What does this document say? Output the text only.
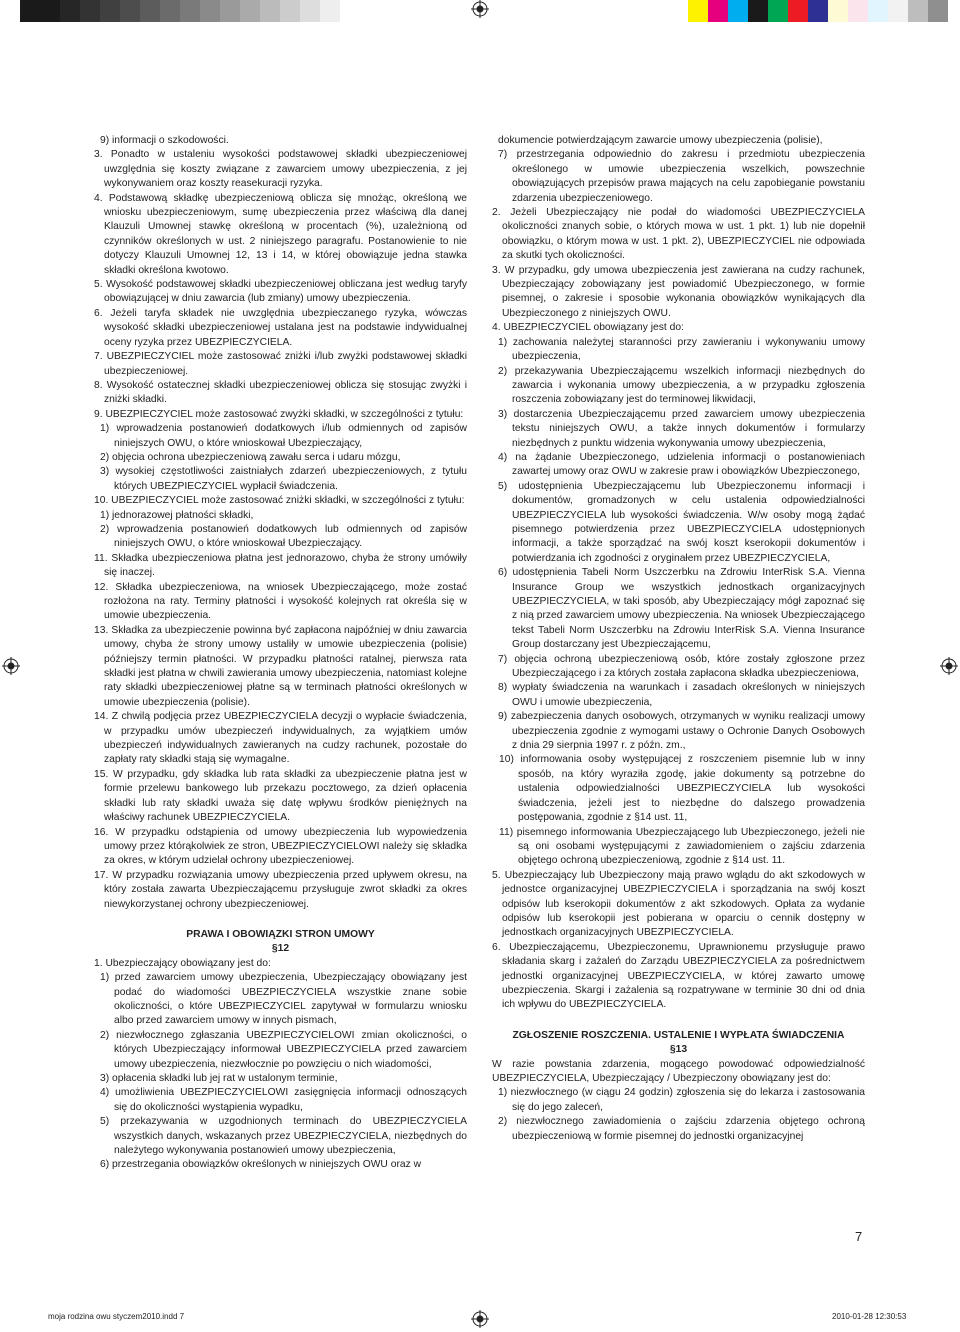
9) informacji o szkodowości.

3. Ponadto w ustaleniu wysokości podstawowej składki ubezpieczeniowej uwzględnia się koszty związane z zawarciem umowy ubezpieczenia, z jej wykonywaniem oraz koszty reasekuracji ryzyka.

4. Podstawową składkę ubezpieczeniową oblicza się mnożąc, określoną we wniosku ubezpieczeniowym, sumę ubezpieczenia przez właściwą dla danej Klauzuli Umownej stawkę określoną w procentach (%), uzależnioną od czynników określonych w ust. 2 niniejszego paragrafu. Postanowienie to nie dotyczy Klauzuli Umownej 12, 13 i 14, w której obowiązuje jedna stawka składki określona kwotowo.

5. Wysokość podstawowej składki ubezpieczeniowej obliczana jest według taryfy obowiązującej w dniu zawarcia (lub zmiany) umowy ubezpieczenia.

6. Jeżeli taryfa składek nie uwzględnia ubezpieczanego ryzyka, wówczas wysokość składki ubezpieczeniowej ustalana jest na podstawie indywidualnej oceny ryzyka przez UBEZPIECZYCIELA.

7. UBEZPIECZYCIEL może zastosować zniżki i/lub zwyżki podstawowej składki ubezpieczeniowej.

8. Wysokość ostatecznej składki ubezpieczeniowej oblicza się stosując zwyżki i zniżki składki.

9. UBEZPIECZYCIEL może zastosować zwyżki składki, w szczególności z tytułu:

1) wprowadzenia postanowień dodatkowych i/lub odmiennych od zapisów niniejszych OWU, o które wnioskował Ubezpieczający,

2) objęcia ochrona ubezpieczeniową zawału serca i udaru mózgu,

3) wysokiej częstotliwości zaistniałych zdarzeń ubezpieczeniowych, z tytułu których UBEZPIECZYCIEL wypłacił świadczenia.

10. UBEZPIECZYCIEL może zastosować zniżki składki, w szczególności z tytułu:

1) jednorazowej płatności składki,

2) wprowadzenia postanowień dodatkowych lub odmiennych od zapisów niniejszych OWU, o które wnioskował Ubezpieczający.

11. Składka ubezpieczeniowa płatna jest jednorazowo, chyba że strony umówiły się inaczej.

12. Składka ubezpieczeniowa, na wniosek Ubezpieczającego, może zostać rozłożona na raty. Terminy płatności i wysokość kolejnych rat określa się w umowie ubezpieczenia.

13. Składka za ubezpieczenie powinna być zapłacona najpóźniej w dniu zawarcia umowy, chyba że strony umowy ustaliły w umowie ubezpieczenia (polisie) późniejszy termin płatności. W przypadku płatności ratalnej, pierwsza rata składki jest płatna w chwili zawierania umowy ubezpieczenia, natomiast kolejne raty składki ubezpieczeniowej płatne są w terminach płatności określonych w umowie ubezpieczenia (polisie).

14. Z chwilą podjęcia przez UBEZPIECZYCIELA decyzji o wypłacie świadczenia, w przypadku umów ubezpieczeń indywidualnych, za wyjątkiem umów ubezpieczeń indywidualnych zawieranych na cudzy rachunek, pozostałe do zapłaty raty składki stają się wymagalne.

15. W przypadku, gdy składka lub rata składki za ubezpieczenie płatna jest w formie przelewu bankowego lub przekazu pocztowego, za dzień opłacenia składki lub raty składki uważa się datę wpływu środków pieniężnych na właściwy rachunek UBEZPIECZYCIELA.

16. W przypadku odstąpienia od umowy ubezpieczenia lub wypowiedzenia umowy przez którąkolwiek ze stron, UBEZPIECZYCIELOWI należy się składka za okres, w którym udzielał ochrony ubezpieczeniowej.

17. W przypadku rozwiązania umowy ubezpieczenia przed upływem okresu, na który została zawarta Ubezpieczającemu przysługuje zwrot składki za okres niewykorzystanej ochrony ubezpieczeniowej.

PRAWA I OBOWIĄZKI STRON UMOWY

§12

1. Ubezpieczający obowiązany jest do:

1) przed zawarciem umowy ubezpieczenia, Ubezpieczający obowiązany jest podać do wiadomości UBEZPIECZYCIELA wszystkie znane sobie okoliczności, o które UBEZPIECZYCIEL zapytywał w formularzu wniosku albo przed zawarciem umowy w innych pismach,

2) niezwłocznego zgłaszania UBEZPIECZYCIELOWI zmian okoliczności, o których Ubezpieczający informował UBEZPIECZYCIELA przed zawarciem umowy ubezpieczenia, niezwłocznie po powzięciu o nich wiadomości,

3) opłacenia składki lub jej rat w ustalonym terminie,

4) umożliwienia UBEZPIECZYCIELOWI zasięgnięcia informacji odnoszących się do okoliczności wystąpienia wypadku,

5) przekazywania w uzgodnionych terminach do UBEZPIECZYCIELA wszystkich danych, wskazanych przez UBEZPIECZYCIELA, niezbędnych do należytego wykonywania postanowień umowy ubezpieczenia,

6) przestrzegania obowiązków określonych w niniejszych OWU oraz w

dokumencie potwierdzającym zawarcie umowy ubezpieczenia (polisie),

7) przestrzegania odpowiednio do zakresu i przedmiotu ubezpieczenia określonego w umowie ubezpieczenia wszelkich, powszechnie obowiązujących przepisów prawa mających na celu zapobieganie powstaniu zdarzenia ubezpieczeniowego.

2. Jeżeli Ubezpieczający nie podał do wiadomości UBEZPIECZYCIELA okoliczności znanych sobie, o których mowa w ust. 1 pkt. 1) lub nie dopełnił obowiązku, o którym mowa w ust. 1 pkt. 2), UBEZPIECZYCIEL nie odpowiada za skutki tych okoliczności.

3. W przypadku, gdy umowa ubezpieczenia jest zawierana na cudzy rachunek, Ubezpieczający zobowiązany jest powiadomić Ubezpieczonego, w formie pisemnej, o zakresie i sposobie wykonania obowiązków wynikających dla Ubezpieczonego z niniejszych OWU.

4. UBEZPIECZYCIEL obowiązany jest do:

1) zachowania należytej staranności przy zawieraniu i wykonywaniu umowy ubezpieczenia,

2) przekazywania Ubezpieczającemu wszelkich informacji niezbędnych do zawarcia i wykonania umowy ubezpieczenia, a w przypadku zgłoszenia roszczenia zobowiązany jest do terminowej likwidacji,

3) dostarczenia Ubezpieczającemu przed zawarciem umowy ubezpieczenia tekstu niniejszych OWU, a także innych dokumentów i formularzy niezbędnych z punktu widzenia wykonywania umowy ubezpieczenia,

4) na żądanie Ubezpieczonego, udzielenia informacji o postanowieniach zawartej umowy oraz OWU w zakresie praw i obowiązków Ubezpieczonego,

5) udostępnienia Ubezpieczającemu lub Ubezpieczonemu informacji i dokumentów, gromadzonych w celu ustalenia odpowiedzialności UBEZPIECZYCIELA lub wysokości świadczenia. W/w osoby mogą żądać pisemnego potwierdzenia przez UBEZPIECZYCIELA udostępnionych informacji, a także sporządzać na swój koszt kserokopii dokumentów i potwierdzania ich zgodności z oryginałem przez UBEZPIECZYCIELA,

6) udostępnienia Tabeli Norm Uszczerbku na Zdrowiu InterRisk S.A. Vienna Insurance Group we wszystkich jednostkach organizacyjnych UBEZPIECZYCIELA, w taki sposób, aby Ubezpieczający mógł zapoznać się z nią przed zawarciem umowy ubezpieczenia. Na wniosek Ubezpieczającego tekst Tabeli Norm Uszczerbku na Zdrowiu InterRisk S.A. Vienna Insurance Group dostarczany jest Ubezpieczającemu,

7) objęcia ochroną ubezpieczeniową osób, które zostały zgłoszone przez Ubezpieczającego i za których została zapłacona składka ubezpieczeniowa,

8) wypłaty świadczenia na warunkach i zasadach określonych w niniejszych OWU i umowie ubezpieczenia,

9) zabezpieczenia danych osobowych, otrzymanych w wyniku realizacji umowy ubezpieczenia zgodnie z wymogami ustawy o Ochronie Danych Osobowych z dnia 29 sierpnia 1997 r. z późn. zm.,

10) informowania osoby występującej z roszczeniem pisemnie lub w inny sposób, na który wyraziła zgodę, jakie dokumenty są potrzebne do ustalenia odpowiedzialności UBEZPIECZYCIELA lub wysokości świadczenia, jeżeli jest to niezbędne do dalszego prowadzenia postępowania, zgodnie z §14 ust. 11,

11) pisemnego informowania Ubezpieczającego lub Ubezpieczonego, jeżeli nie są oni osobami występującymi z zawiadomieniem o zajściu zdarzenia objętego ochroną ubezpieczeniową, zgodnie z §14 ust. 11.

5. Ubezpieczający lub Ubezpieczony mają prawo wglądu do akt szkodowych w jednostce organizacyjnej UBEZPIECZYCIELA i sporządzania na swój koszt odpisów lub kserokopii dokumentów z akt szkodowych. Opłata za wydanie odpisów lub kserokopii jest pobierana w oparciu o cennik dostępny w jednostkach organizacyjnych UBEZPIECZYCIELA.

6. Ubezpieczającemu, Ubezpieczonemu, Uprawnionemu przysługuje prawo składania skarg i zażaleń do Zarządu UBEZPIECZYCIELA za pośrednictwem jednostki organizacyjnej UBEZPIECZYCIELA, w której zawarto umowę ubezpieczenia. Skargi i zażalenia są rozpatrywane w terminie 30 dni od dnia ich wpływu do UBEZPIECZYCIELA.

ZGŁOSZENIE ROSZCZENIA. USTALENIE I WYPŁATA ŚWIADCZENIA

§13

W razie powstania zdarzenia, mogącego powodować odpowiedzialność UBEZPIECZYCIELA, Ubezpieczający / Ubezpieczony obowiązany jest do:

1) niezwłocznego (w ciągu 24 godzin) zgłoszenia się do lekarza i zastosowania się do jego zaleceń,

2) niezwłocznego zawiadomienia o zajściu zdarzenia objętego ochroną ubezpieczeniową w formie pisemnej do jednostki organizacyjnej

7
moja rodzina owu styczem2010.indd 7	2010-01-28 12:30:53
